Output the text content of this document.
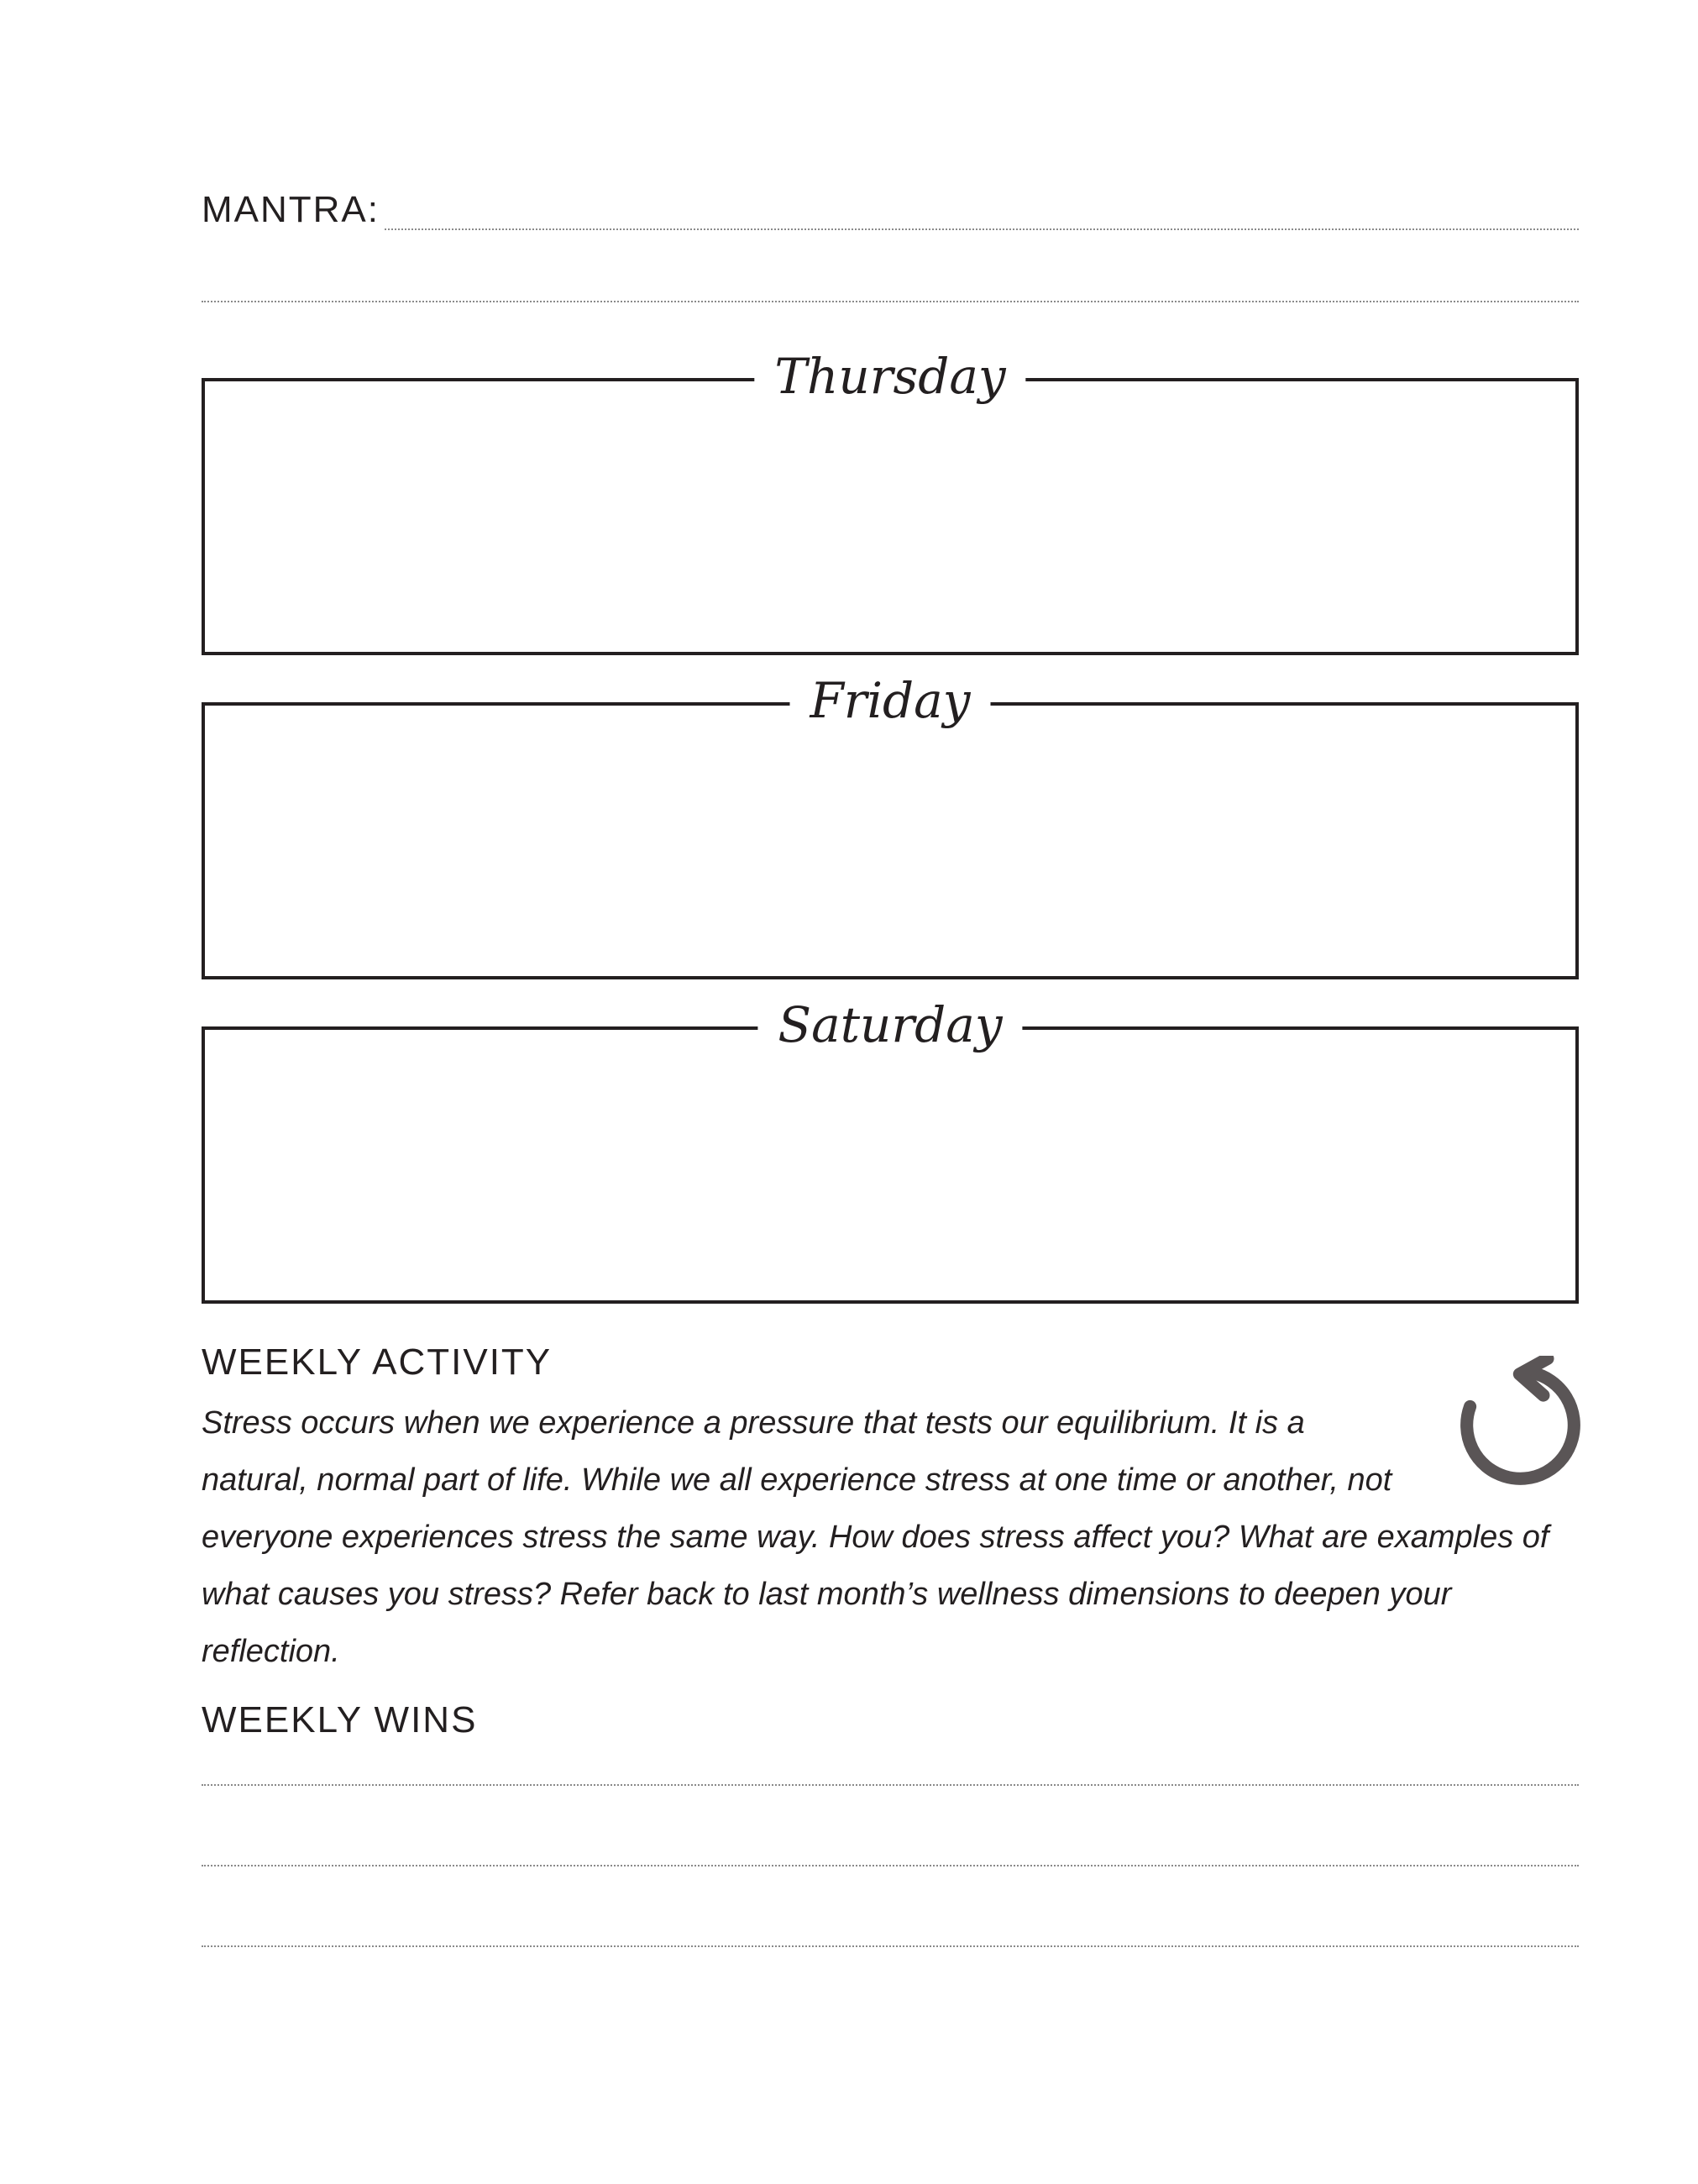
MANTRA:
Thursday
Friday
Saturday
WEEKLY ACTIVITY

Stress occurs when we experience a pressure that tests our equilibrium. It is a natural, normal part of life. While we all experience stress at one time or another, not everyone experiences stress the same way. How does stress affect you? What are examples of what causes you stress? Refer back to last month’s wellness dimensions to deepen your reflection.

WEEKLY WINS
